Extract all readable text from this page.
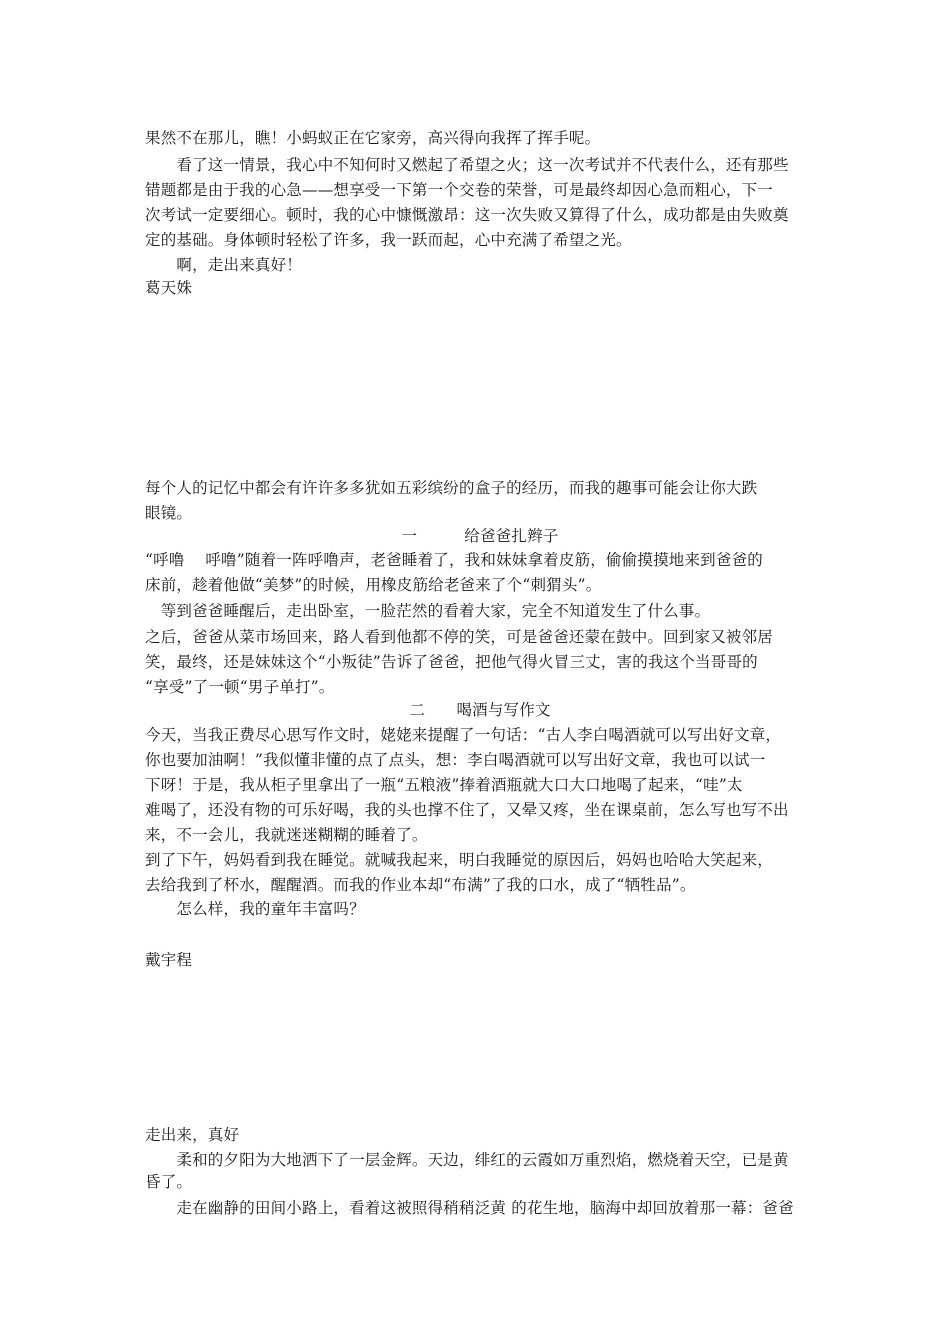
果然不在那儿，瞧！小蚂蚁正在它家旁，高兴得向我挥了挥手呢。
　　看了这一情景，我心中不知何时又燃起了希望之火；这一次考试并不代表什么，还有那些
错题都是由于我的心急——想享受一下第一个交卷的荣誉，可是最终却因心急而粗心，下一
次考试一定要细心。顿时，我的心中慷慨激昂：这一次失败又算得了什么，成功都是由失败奠
定的基础。身体顿时轻松了许多，我一跃而起，心中充满了希望之光。
　　啊，走出来真好！
葛天姝
每个人的记忆中都会有许许多多犹如五彩缤纷的盒子的经历，而我的趣事可能会让你大跌
眼镜。
一　　　给爸爸扎辫子
“呼噜　 呼噜”随着一阵呼噜声，老爸睡着了，我和妹妹拿着皮筋，偷偷摸摸地来到爸爸的
床前，趁着他做“美梦”的时候，用橡皮筋给老爸来了个“刺猬头”。
　等到爸爸睡醒后，走出卧室，一脸茫然的看着大家，完全不知道发生了什么事。
之后，爸爸从菜市场回来，路人看到他都不停的笑，可是爸爸还蒙在鼓中。回到家又被邻居
笑，最终，还是妹妹这个“小叛徒”告诉了爸爸，把他气得火冒三丈，害的我这个当哥哥的
“享受”了一顿“男子单打”。
二　　喝酒与写作文
今天，当我正费尽心思写作文时，姥姥来提醒了一句话：“古人李白喝酒就可以写出好文章，
你也要加油啊！”我似懂非懂的点了点头，想：李白喝酒就可以写出好文章，我也可以试一
下呀！于是，我从柜子里拿出了一瓶“五粮液”捧着酒瓶就大口大口地喝了起来，“哇”太
难喝了，还没有物的可乐好喝，我的头也撑不住了，又晕又疼，坐在课桌前，怎么写也写不出
来，不一会儿，我就迷迷糊糊的睡着了。
到了下午，妈妈看到我在睡觉。就喊我起来，明白我睡觉的原因后，妈妈也哈哈大笑起来，
去给我到了杯水，醒醒酒。而我的作业本却“布满”了我的口水，成了“牺牲品”。
　　怎么样，我的童年丰富吗？
戴宇程
走出来，真好
　　柔和的夕阳为大地洒下了一层金辉。天边，绯红的云霞如万重烈焰，燃烧着天空，已是黄
昏了。
　　走在幽静的田间小路上，看着这被照得稍稍泛黄 的花生地，脑海中却回放着那一幕：爸爸
